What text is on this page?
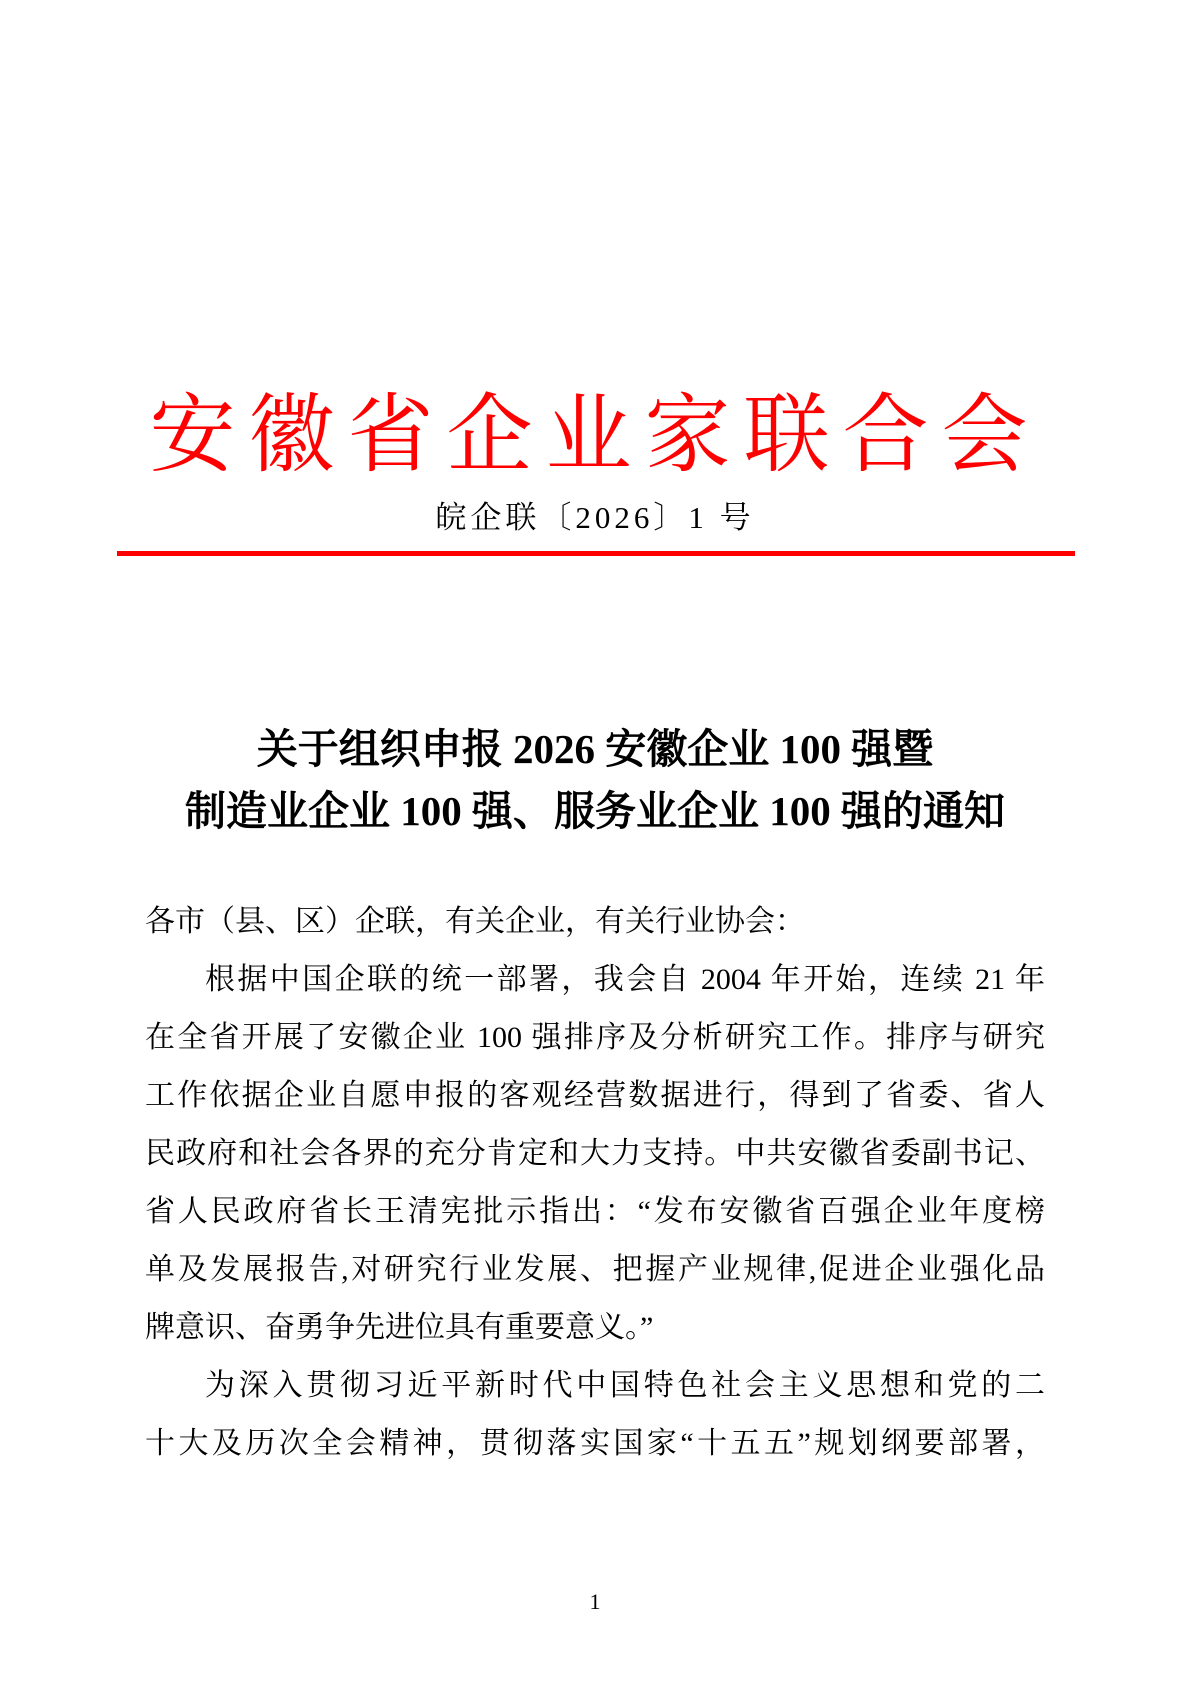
安徽省企业家联合会
皖企联〔2026〕1 号
关于组织申报 2026 安徽企业 100 强暨
制造业企业 100 强、服务业企业 100 强的通知
各市（县、区）企联，有关企业，有关行业协会：
根据中国企联的统一部署，我会自 2004 年开始，连续 21 年
在全省开展了安徽企业 100 强排序及分析研究工作。排序与研究
工作依据企业自愿申报的客观经营数据进行，得到了省委、省人
民政府和社会各界的充分肯定和大力支持。中共安徽省委副书记、
省人民政府省长王清宪批示指出：“发布安徽省百强企业年度榜
单及发展报告,对研究行业发展、把握产业规律,促进企业强化品
牌意识、奋勇争先进位具有重要意义。”
为深入贯彻习近平新时代中国特色社会主义思想和党的二
十大及历次全会精神，贯彻落实国家“十五五”规划纲要部署，
1
